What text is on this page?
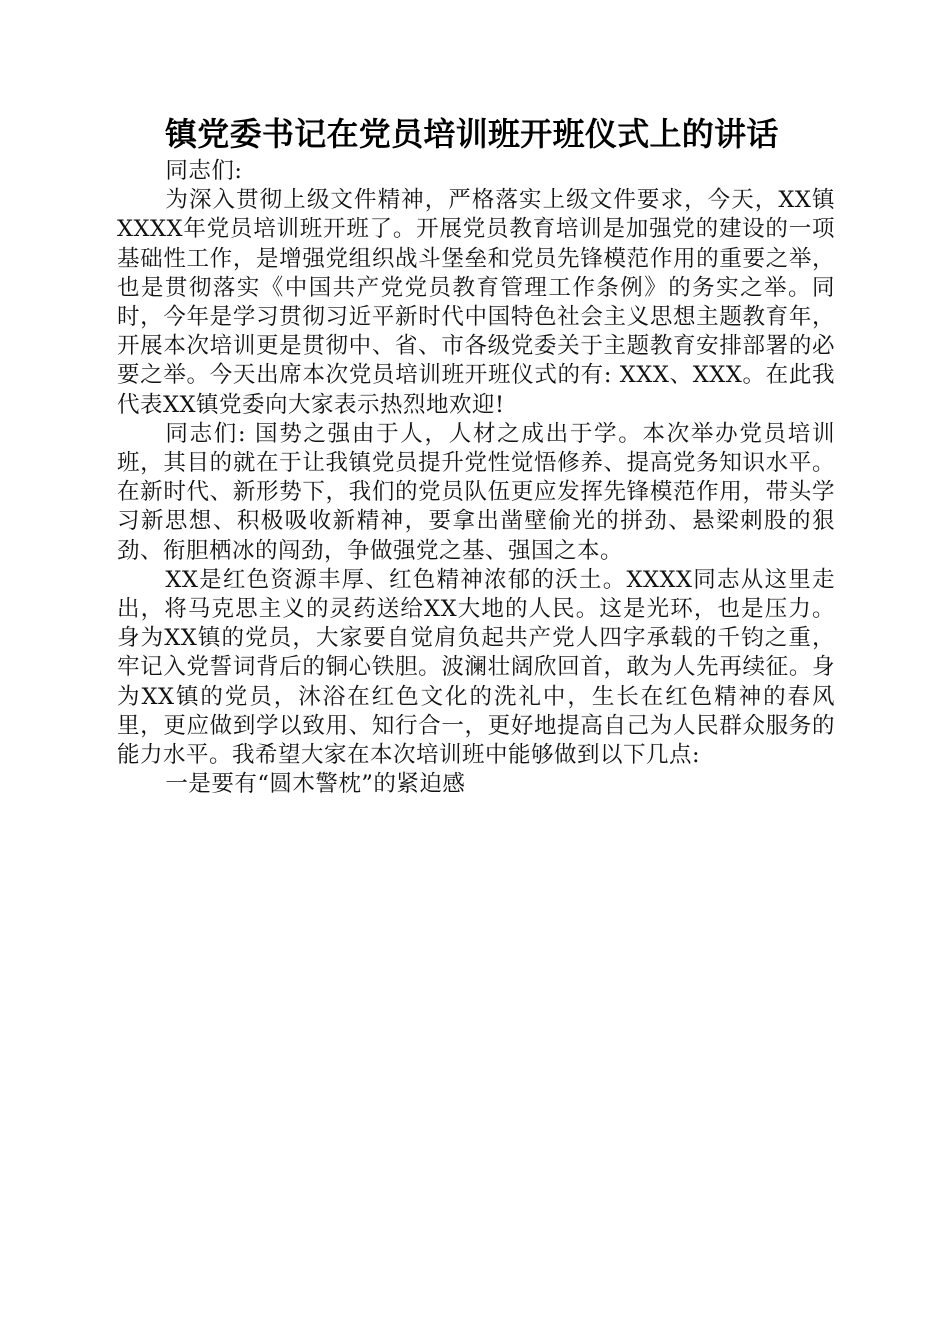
镇党委书记在党员培训班开班仪式上的讲话

同志们:

为深入贯彻上级文件精神，严格落实上级文件要求，今天，XX镇XXXX年党员培训班开班了。开展党员教育培训是加强党的建设的一项基础性工作，是增强党组织战斗堡垒和党员先锋模范作用的重要之举，也是贯彻落实《中国共产党党员教育管理工作条例》的务实之举。同时，今年是学习贯彻习近平新时代中国特色社会主义思想主题教育年，开展本次培训更是贯彻中、省、市各级党委关于主题教育安排部署的必要之举。今天出席本次党员培训班开班仪式的有: XXX、XXX。在此我代表XX镇党委向大家表示热烈地欢迎!

同志们: 国势之强由于人，人材之成出于学。本次举办党员培训班，其目的就在于让我镇党员提升党性觉悟修养、提高党务知识水平。在新时代、新形势下，我们的党员队伍更应发挥先锋模范作用，带头学习新思想、积极吸收新精神，要拿出凿壁偷光的拼劲、悬梁刺股的狠劲、衔胆栖冰的闯劲，争做强党之基、强国之本。

XX是红色资源丰厚、红色精神浓郁的沃土。XXXX同志从这里走出，将马克思主义的灵药送给XX大地的人民。这是光环，也是压力。身为XX镇的党员，大家要自觉肩负起共产党人四字承载的千钧之重，牢记入党誓词背后的铜心铁胆。波澜壮阔欣回首，敢为人先再续征。身为XX镇的党员，沐浴在红色文化的洗礼中，生长在红色精神的春风里，更应做到学以致用、知行合一，更好地提高自己为人民群众服务的能力水平。我希望大家在本次培训班中能够做到以下几点:

一是要有“圆木警枕”的紧迫感
